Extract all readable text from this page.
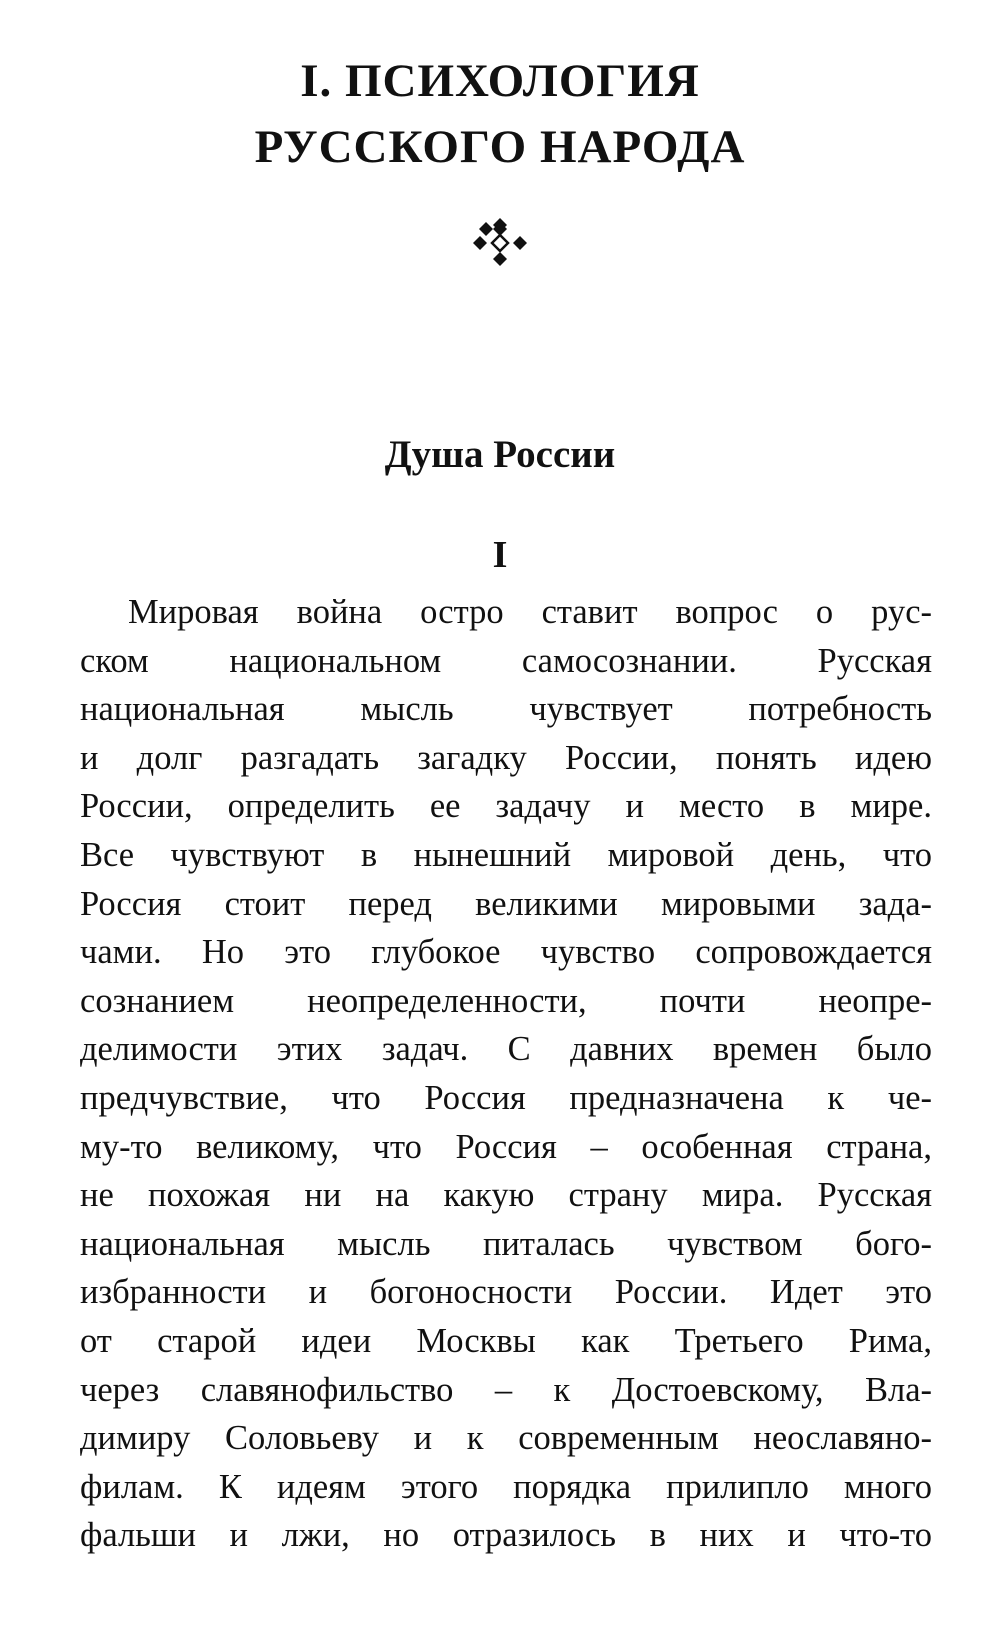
I. ПСИХОЛОГИЯ
РУССКОГО НАРОДА
Душа России
I
Мировая война остро ставит вопрос о рус-
ском национальном самосознании. Русская
национальная мысль чувствует потребность
и долг разгадать загадку России, понять идею
России, определить ее задачу и место в мире.
Все чувствуют в нынешний мировой день, что
Россия стоит перед великими мировыми зада-
чами. Но это глубокое чувство сопровождается
сознанием неопределенности, почти неопре-
делимости этих задач. С давних времен было
предчувствие, что Россия предназначена к че-
му-то великому, что Россия – особенная страна,
не похожая ни на какую страну мира. Русская
национальная мысль питалась чувством бого-
избранности и богоносности России. Идет это
от старой идеи Москвы как Третьего Рима,
через славянофильство – к Достоевскому, Вла-
димиру Соловьеву и к современным неославяно-
филам. К идеям этого порядка прилипло много
фальши и лжи, но отразилось в них и что-то
